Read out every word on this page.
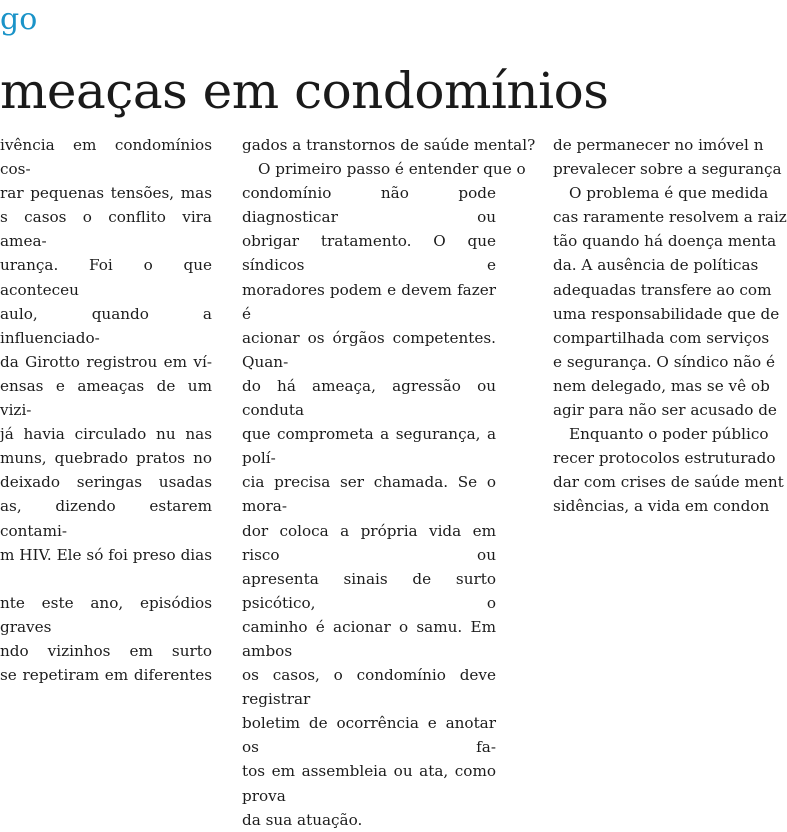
go
meaças em condomínios
ivência em condomínios cos-
rar pequenas tensões, mas
s casos o conflito vira amea-
urança. Foi o que aconteceu
aulo, quando a influenciado-
da Girotto registrou em ví-
ensas e ameaças de um vizi-
já havia circulado nu nas
muns, quebrado pratos no
deixado seringas usadas
as, dizendo estarem contami-
m HIV. Ele só foi preso dias
nte este ano, episódios graves
ndo vizinhos em surto
se repetiram em diferentes
gados a transtornos de saúde mental?
O primeiro passo é entender que o
condomínio não pode diagnosticar ou
obrigar tratamento. O que síndicos e
moradores podem e devem fazer é
acionar os órgãos competentes. Quan-
do há ameaça, agressão ou conduta
que comprometa a segurança, a polí-
cia precisa ser chamada. Se o mora-
dor coloca a própria vida em risco ou
apresenta sinais de surto psicótico, o
caminho é acionar o samu. Em ambos
os casos, o condomínio deve registrar
boletim de ocorrência e anotar os fa-
tos em assembleia ou ata, como prova
da sua atuação.
de permanecer no imóvel n
prevalecer sobre a segurança
O problema é que medida
cas raramente resolvem a raiz
tão quando há doença menta
da. A ausência de políticas
adequadas transfere ao com
uma responsabilidade que de
compartilhada com serviços
e segurança. O síndico não é
nem delegado, mas se vê ob
agir para não ser acusado de
Enquanto o poder público
recer protocolos estruturado
dar com crises de saúde ment
sidências, a vida em condon
